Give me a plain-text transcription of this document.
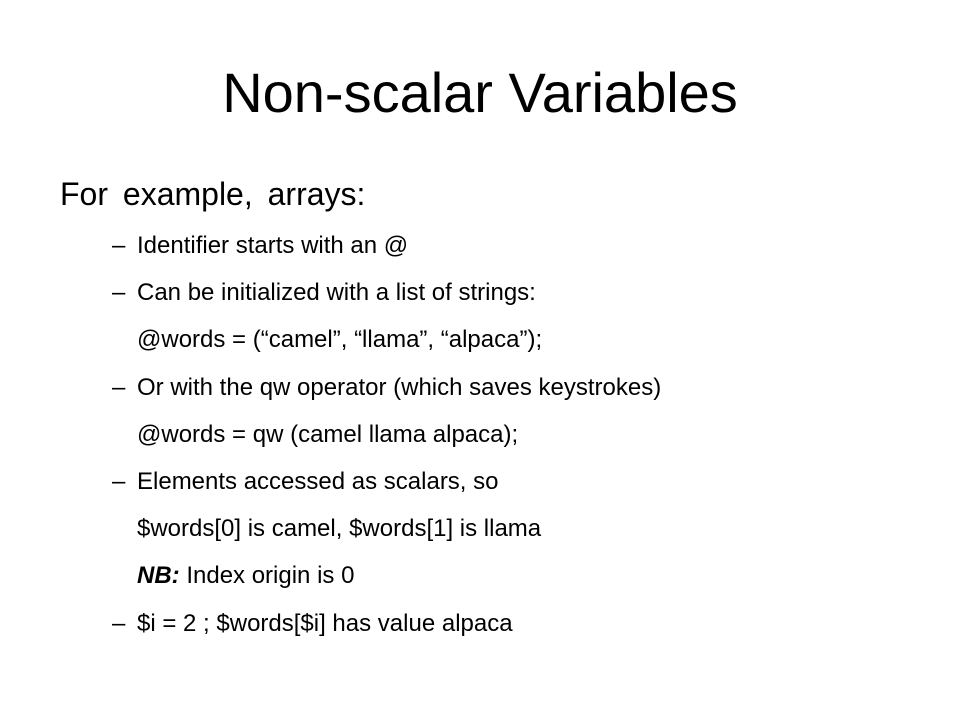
Non-scalar Variables
For example, arrays:
– Identifier starts with an @
– Can be initialized with a list of strings:
@words = (“camel”, “llama”, “alpaca”);
– Or with the qw operator (which saves keystrokes)
@words = qw (camel llama alpaca);
– Elements accessed as scalars, so
$words[0] is camel, $words[1] is llama
NB: Index origin is 0
– $i = 2 ; $words[$i] has value alpaca
